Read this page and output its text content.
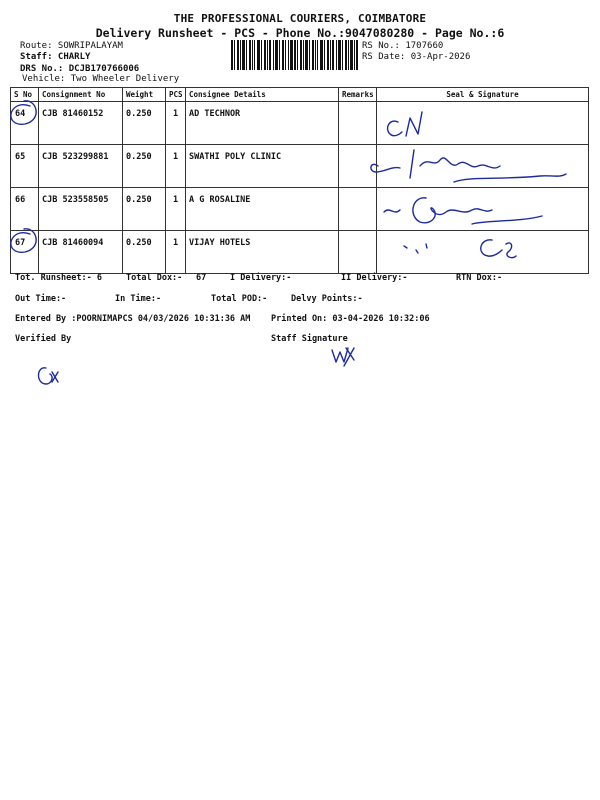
THE PROFESSIONAL COURIERS, COIMBATORE
Delivery Runsheet - PCS - Phone No.:9047080280 - Page No.:6
Route: SOWRIPALAYAM
Staff: CHARLY
DRS No.: DCJB170766006
Vehicle: Two Wheeler Delivery
RS No.: 1707660
RS Date: 03-Apr-2026
S No	Consignment No	Weight	PCS	Consignee Details	Remarks	Seal & Signature
64	CJB 81460152	0.250	1	AD TECHNOR		
65	CJB 523299881	0.250	1	SWATHI POLY CLINIC		
66	CJB 523558505	0.250	1	A G ROSALINE		
67	CJB 81460094	0.250	1	VIJAY HOTELS		
Tot. Runsheet:- 6	Total Dox:- 67	I Delivery:-	II Delivery:-	RTN Dox:-
Out Time:-	In Time:-	Total POD:-	Delvy Points:-
Entered By :POORNIMAPCS 04/03/2026 10:31:36 AM Printed On: 03-04-2026 10:32:06
Verified By	Staff Signature
